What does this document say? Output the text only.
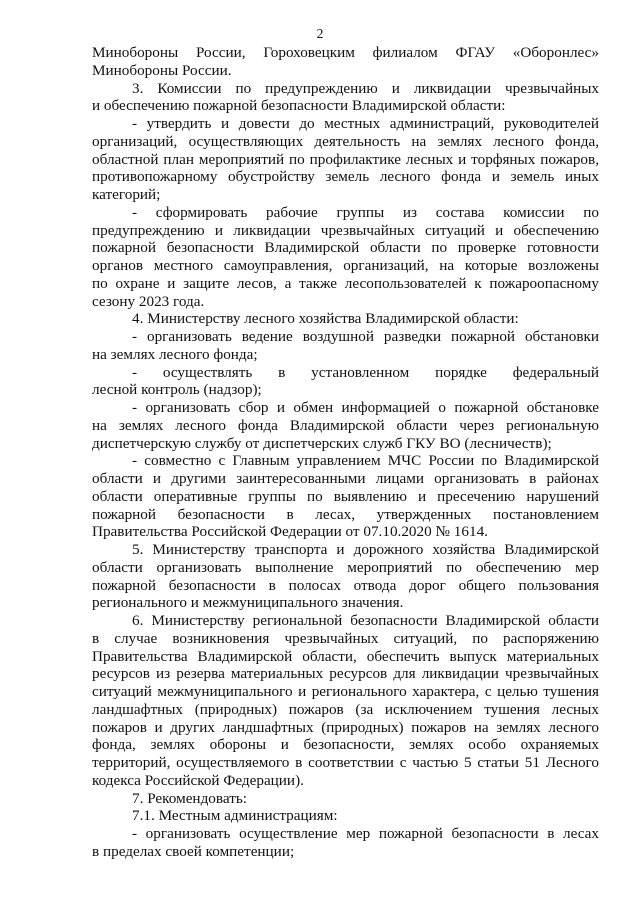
2
Минобороны России, Гороховецким филиалом ФГАУ «Оборонлес»
Минобороны России.
3. Комиссии по предупреждению и ликвидации чрезвычайных
и обеспечению пожарной безопасности Владимирской области:
- утвердить и довести до местных администраций, руководителей
организаций, осуществляющих деятельность на землях лесного фонда,
областной план мероприятий по профилактике лесных и торфяных пожаров,
противопожарному обустройству земель лесного фонда и земель иных
категорий;
- сформировать рабочие группы из состава комиссии по
предупреждению и ликвидации чрезвычайных ситуаций и обеспечению
пожарной безопасности Владимирской области по проверке готовности
органов местного самоуправления, организаций, на которые возложены
по охране и защите лесов, а также лесопользователей к пожароопасному
сезону 2023 года.
4. Министерству лесного хозяйства Владимирской области:
- организовать ведение воздушной разведки пожарной обстановки
на землях лесного фонда;
- осуществлять в установленном порядке федеральный
лесной контроль (надзор);
- организовать сбор и обмен информацией о пожарной обстановке
на землях лесного фонда Владимирской области через региональную
диспетчерскую службу от диспетчерских служб ГКУ ВО (лесничеств);
- совместно с Главным управлением МЧС России по Владимирской
области и другими заинтересованными лицами организовать в районах
области оперативные группы по выявлению и пресечению нарушений
пожарной безопасности в лесах, утвержденных постановлением
Правительства Российской Федерации от 07.10.2020 № 1614.
5. Министерству транспорта и дорожного хозяйства Владимирской
области организовать выполнение мероприятий по обеспечению мер
пожарной безопасности в полосах отвода дорог общего пользования
регионального и межмуниципального значения.
6. Министерству региональной безопасности Владимирской области
в случае возникновения чрезвычайных ситуаций, по распоряжению
Правительства Владимирской области, обеспечить выпуск материальных
ресурсов из резерва материальных ресурсов для ликвидации чрезвычайных
ситуаций межмуниципального и регионального характера, с целью тушения
ландшафтных (природных) пожаров (за исключением тушения лесных
пожаров и других ландшафтных (природных) пожаров на землях лесного
фонда, землях обороны и безопасности, землях особо охраняемых
территорий, осуществляемого в соответствии с частью 5 статьи 51 Лесного
кодекса Российской Федерации).
7. Рекомендовать:
7.1. Местным администрациям:
- организовать осуществление мер пожарной безопасности в лесах
в пределах своей компетенции;
